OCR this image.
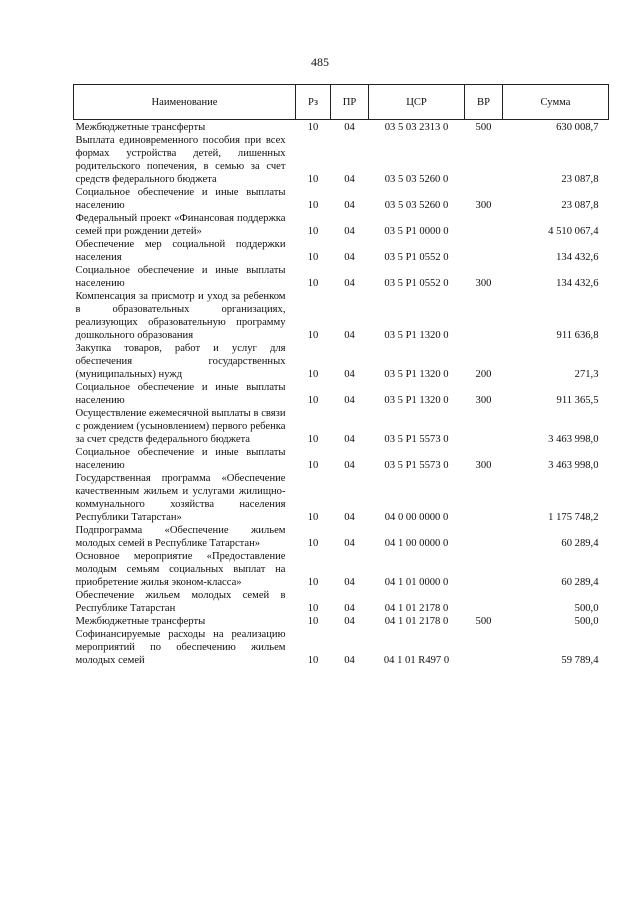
485
Наименование	Рз	ПР	ЦСР	ВР	Сумма
Межбюджетные трансферты	10	04	03 5 03 2313 0	500	630 008,7
Выплата единовременного пособия при всех формах устройства детей, лишенных родительского попечения, в семью за счет средств федерального бюджета	10	04	03 5 03 5260 0		23 087,8
Социальное обеспечение и иные выплаты населению	10	04	03 5 03 5260 0	300	23 087,8
Федеральный проект «Финансовая поддержка семей при рождении детей»	10	04	03 5 P1 0000 0		4 510 067,4
Обеспечение мер социальной поддержки населения	10	04	03 5 P1 0552 0		134 432,6
Социальное обеспечение и иные выплаты населению	10	04	03 5 P1 0552 0	300	134 432,6
Компенсация за присмотр и уход за ребенком в образовательных организациях, реализующих образовательную программу дошкольного образования	10	04	03 5 P1 1320 0		911 636,8
Закупка товаров, работ и услуг для обеспечения государственных (муниципальных) нужд	10	04	03 5 P1 1320 0	200	271,3
Социальное обеспечение и иные выплаты населению	10	04	03 5 P1 1320 0	300	911 365,5
Осуществление ежемесячной выплаты в связи с рождением (усыновлением) первого ребенка за счет средств федерального бюджета	10	04	03 5 P1 5573 0		3 463 998,0
Социальное обеспечение и иные выплаты населению	10	04	03 5 P1 5573 0	300	3 463 998,0
Государственная программа «Обеспечение качественным жильем и услугами жилищно-коммунального хозяйства населения Республики Татарстан»	10	04	04 0 00 0000 0		1 175 748,2
Подпрограмма «Обеспечение жильем молодых семей в Республике Татарстан»	10	04	04 1 00 0000 0		60 289,4
Основное мероприятие «Предоставление молодым семьям социальных выплат на приобретение жилья эконом-класса»	10	04	04 1 01 0000 0		60 289,4
Обеспечение жильем молодых семей в Республике Татарстан	10	04	04 1 01 2178 0		500,0
Межбюджетные трансферты	10	04	04 1 01 2178 0	500	500,0
Софинансируемые расходы на реализацию мероприятий по обеспечению жильем молодых семей	10	04	04 1 01 R497 0		59 789,4
